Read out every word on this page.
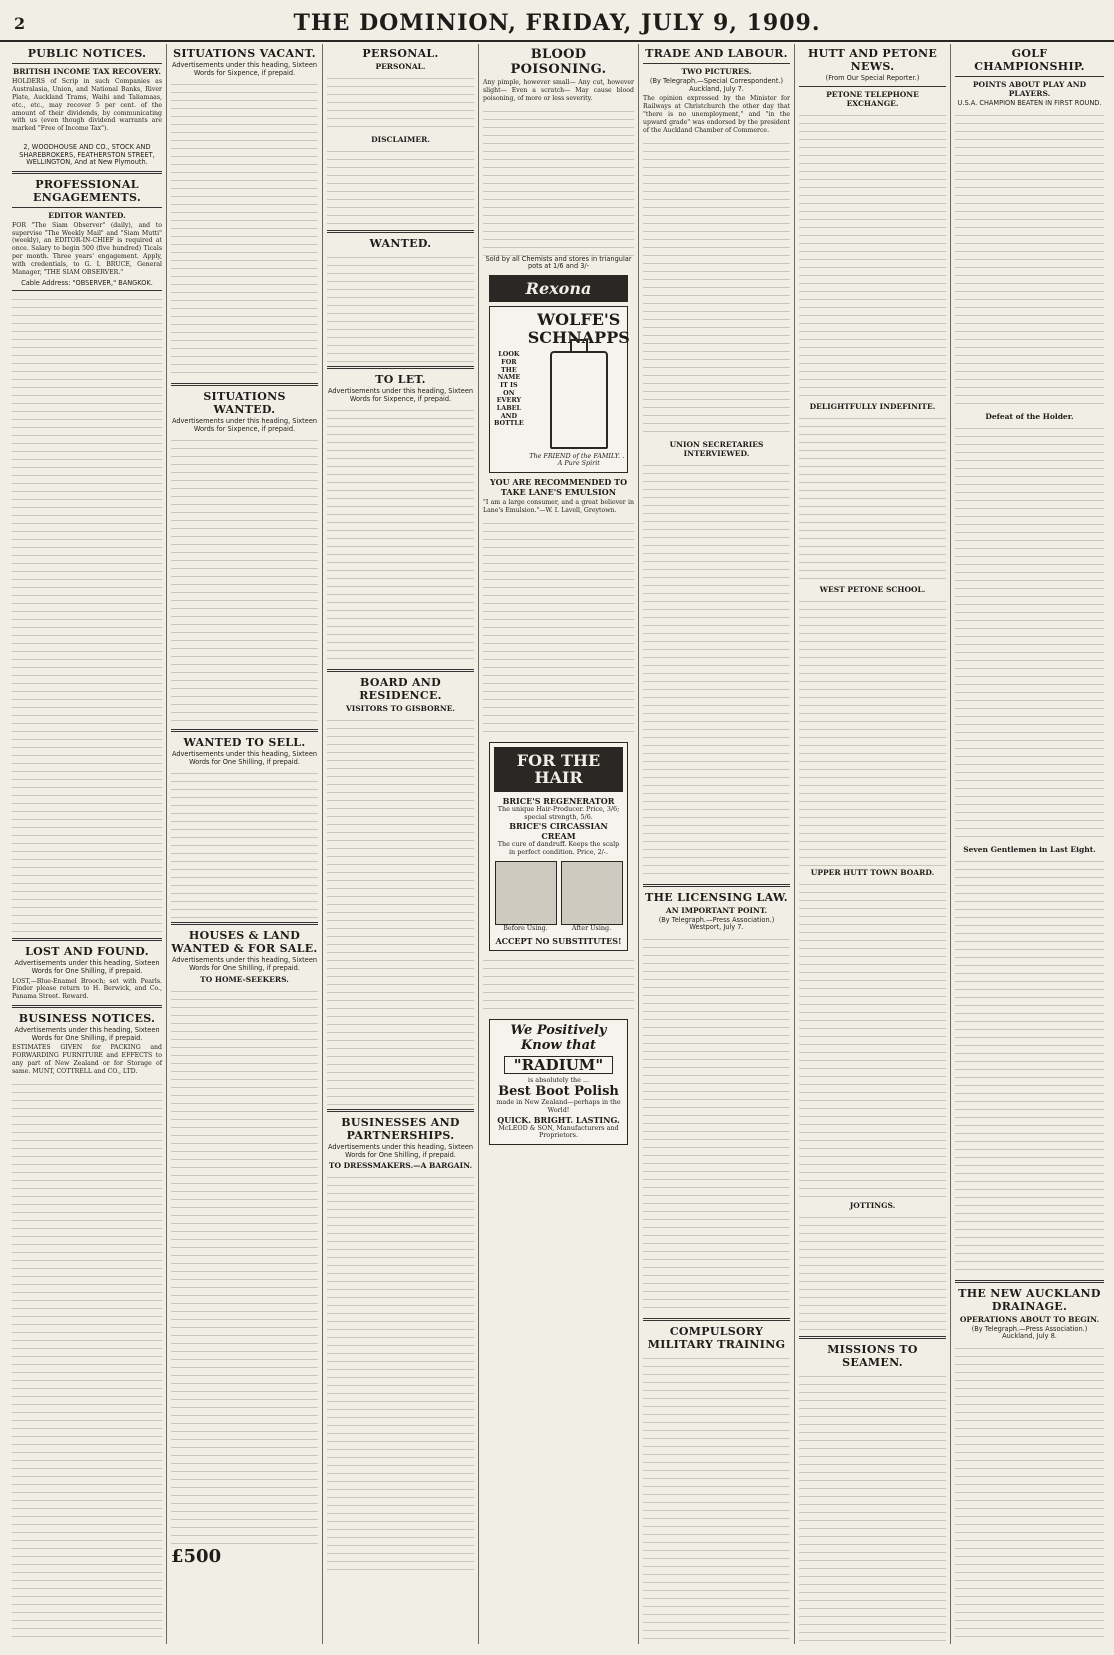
2	THE DOMINION, FRIDAY, JULY 9, 1909.
PUBLIC NOTICES.
BRITISH INCOME TAX RECOVERY.

HOLDERS of Scrip in such Companies as Australasia, Union, and National Banks, River Plate, Auckland Trams, Waihi and Taliamaas, etc., etc., may recover 5 per cent. of the amount of their dividends, by communicating with us (even though dividend warrants are marked "Free of Income Tax").

2, WOODHOUSE AND CO., STOCK AND SHAREBROKERS, FEATHERSTON STREET, WELLINGTON, And at New Plymouth.
PROFESSIONAL ENGAGEMENTS.
EDITOR WANTED.

FOR "The Siam Observer" (daily), and to supervise "The Weekly Mail" and "Siam Mutti" (weekly), an EDITOR-IN-CHIEF is required at once. Salary to begin 500 (five hundred) Ticals per month. Three years' engagement. Apply, with credentials, to G. I. BRUCE, General Manager, "THE SIAM OBSERVER."

Cable Address: "OBSERVER," BANGKOK.
LOST AND FOUND.
Advertisements under this heading, Sixteen Words for One Shilling, if prepaid.

LOST,—Blue-Enamel Brooch; set with Pearls. Finder please return to H. Berwick, and Co., Panama Street. Reward.

BUSINESS NOTICES.
Advertisements under this heading, Sixteen Words for One Shilling, if prepaid.

ESTIMATES GIVEN for PACKING and FORWARDING FURNITURE and EFFECTS to any part of New Zealand or for Storage of same. MUNT, COTTRELL and CO., LTD.

SITUATIONS VACANT.
Advertisements under this heading, Sixteen Words for Sixpence, if prepaid.
SITUATIONS WANTED.
Advertisements under this heading, Sixteen Words for Sixpence, if prepaid.
WANTED TO SELL.
Advertisements under this heading, Sixteen Words for One Shilling, if prepaid.
HOUSES & LAND WANTED & FOR SALE.
Advertisements under this heading, Sixteen Words for One Shilling, if prepaid.
TO HOME-SEEKERS.
£500
PERSONAL.
PERSONAL.
DISCLAIMER.
WANTED.
TO LET.
Advertisements under this heading, Sixteen Words for Sixpence, if prepaid.
BOARD AND RESIDENCE.
VISITORS TO GISBORNE.
BUSINESSES AND PARTNERSHIPS.
Advertisements under this heading, Sixteen Words for One Shilling, if prepaid.
TO DRESSMAKERS.—A BARGAIN.
BLOOD POISONING.

Any pimple, however small— Any cut, however slight— Even a scratch— May cause blood poisoning, of more or less severity.

Sold by all Chemists and stores in triangular pots at 1/6 and 3/-
Rexona
LOOK FOR THE NAME IT IS ON EVERY LABEL AND BOTTLE
WOLFE'S SCHNAPPS
The FRIEND of the FAMILY. . . A Pure Spirit
YOU ARE RECOMMENDED TO TAKE LANE'S EMULSION

"I am a large consumer, and a great believer in Lane's Emulsion."—W. I. Lavell, Greytown.

FOR THE HAIR
BRICE'S REGENERATOR
The unique Hair-Producer. Price, 3/6; special strength, 5/6.
BRICE'S CIRCASSIAN CREAM
The cure of dandruff. Keeps the scalp in perfect condition. Price, 2/-.
Before Using.	After Using.
ACCEPT NO SUBSTITUTES!
We Positively Know that
"RADIUM"
is absolutely the ...
Best Boot Polish
made in New Zealand—perhaps in the World!
QUICK. BRIGHT. LASTING.
McLEOD & SON, Manufacturers and Proprietors.
TRADE AND LABOUR.
TWO PICTURES.
(By Telegraph.—Special Correspondent.) Auckland, July 7.

The opinion expressed by the Minister for Railways at Christchurch the other day that "there is no unemployment," and "in the upward grade" was endorsed by the president of the Auckland Chamber of Commerce.

UNION SECRETARIES INTERVIEWED.
THE LICENSING LAW.
AN IMPORTANT POINT.
(By Telegraph.—Press Association.) Westport, July 7.
COMPULSORY MILITARY TRAINING
HUTT AND PETONE NEWS.
(From Our Special Reporter.)
PETONE TELEPHONE EXCHANGE.
DELIGHTFULLY INDEFINITE.
WEST PETONE SCHOOL.
UPPER HUTT TOWN BOARD.
JOTTINGS.
MISSIONS TO SEAMEN.
GOLF CHAMPIONSHIP.
POINTS ABOUT PLAY AND PLAYERS.
U.S.A. CHAMPION BEATEN IN FIRST ROUND.
Defeat of the Holder.
Seven Gentlemen in Last Eight.
THE NEW AUCKLAND DRAINAGE.
OPERATIONS ABOUT TO BEGIN.
(By Telegraph.—Press Association.) Auckland, July 8.
